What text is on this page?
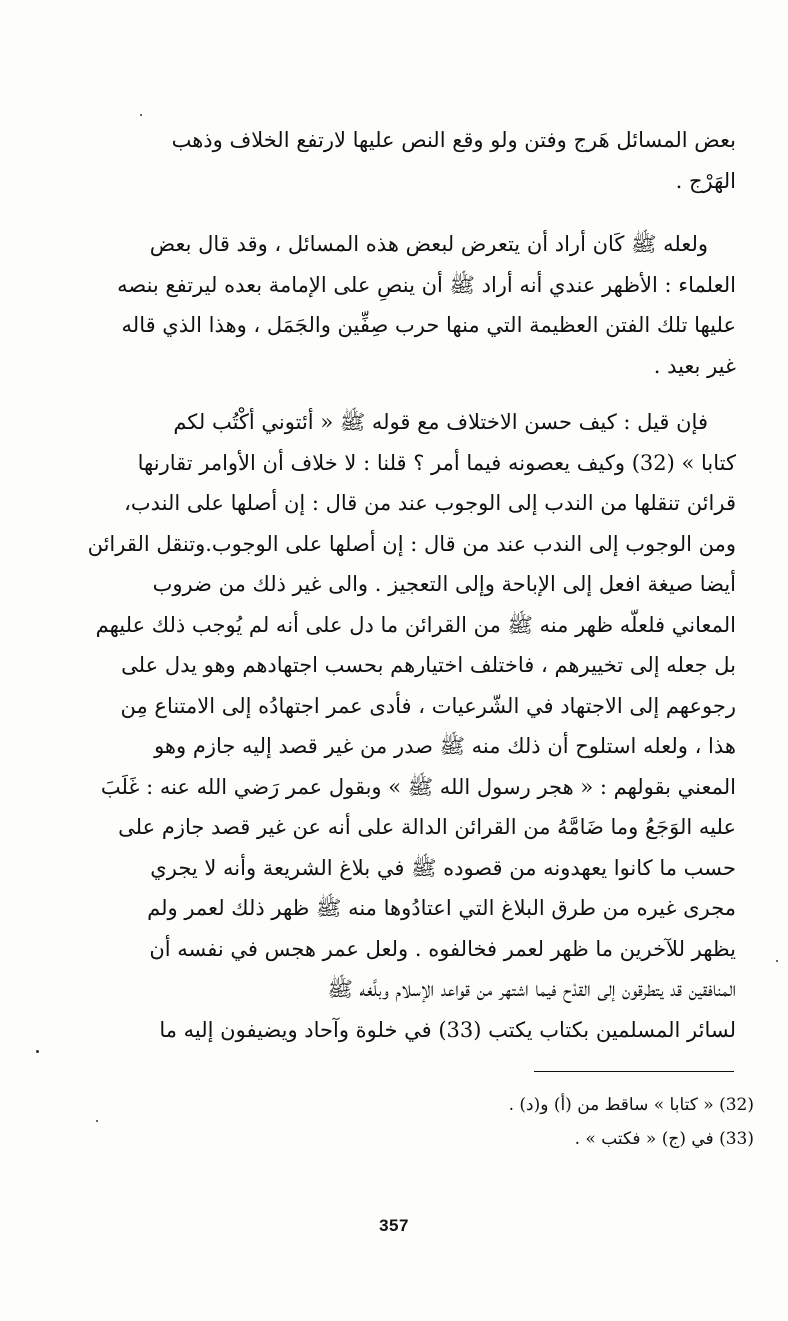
بعض المسائل هَرج وفتن ولو وقع النص عليها لارتفع الخلاف وذهب
الهَرْج .
ولعله ﷺ كَان أراد أن يتعرض لبعض هذه المسائل ، وقد قال بعض
العلماء : الأظهر عندي أنه أراد ﷺ أن ينصِ على الإمامة بعده ليرتفع بنصه
عليها تلك الفتن العظيمة التي منها حرب صِفِّين والجَمَل ، وهذا الذي قاله
غير بعيد .
فإن قيل : كيف حسن الاختلاف مع قوله ﷺ « أئتوني أكْتُب لكم
كتابا » (32) وكيف يعصونه فيما أمر ؟ قلنا : لا خلاف أن الأوامر تقارنها
قرائن تنقلها من الندب إلى الوجوب عند من قال : إن أصلها على الندب،
ومن الوجوب إلى الندب عند من قال : إن أصلها على الوجوب.وتنقل القرائن
أيضا صيغة افعل إلى الإباحة وإلى التعجيز . والى غير ذلك من ضروب
المعاني فلعلّه ظهر منه ﷺ من القرائن ما دل على أنه لم يُوجب ذلك عليهم
بل جعله إلى تخييرهم ، فاختلف اختيارهم بحسب اجتهادهم وهو يدل على
رجوعهم إلى الاجتهاد في الشّرعيات ، فأدى عمر اجتهادُه إلى الامتناع مِن
هذا ، ولعله استلوح أن ذلك منه ﷺ صدر من غير قصد إليه جازم وهو
المعني بقولهم : « هجر رسول الله ﷺ » وبقول عمر رَضي الله عنه : غَلَبَ
عليه الوَجَعُ وما ضَامَّهُ من القرائن الدالة على أنه عن غير قصد جازم على
حسب ما كانوا يعهدونه من قصوده ﷺ في بلاغ الشريعة وأنه لا يجري
مجرى غيره من طرق البلاغ التي اعتادُوها منه ﷺ ظهر ذلك لعمر ولم
يظهر للآخرين ما ظهر لعمر فخالفوه . ولعل عمر هجس في نفسه أن
المنافقين قد يتطرقون إلى القدْح فيما اشتهر من قواعد الإسلام وبلَّغه ﷺ
لسائر المسلمين بكتاب يكتب (33) في خلوة وآحاد ويضيفون إليه ما
(32) « كتابا » ساقط من (أ) و(د) .
(33) في (ج) « فكتب » .
357
